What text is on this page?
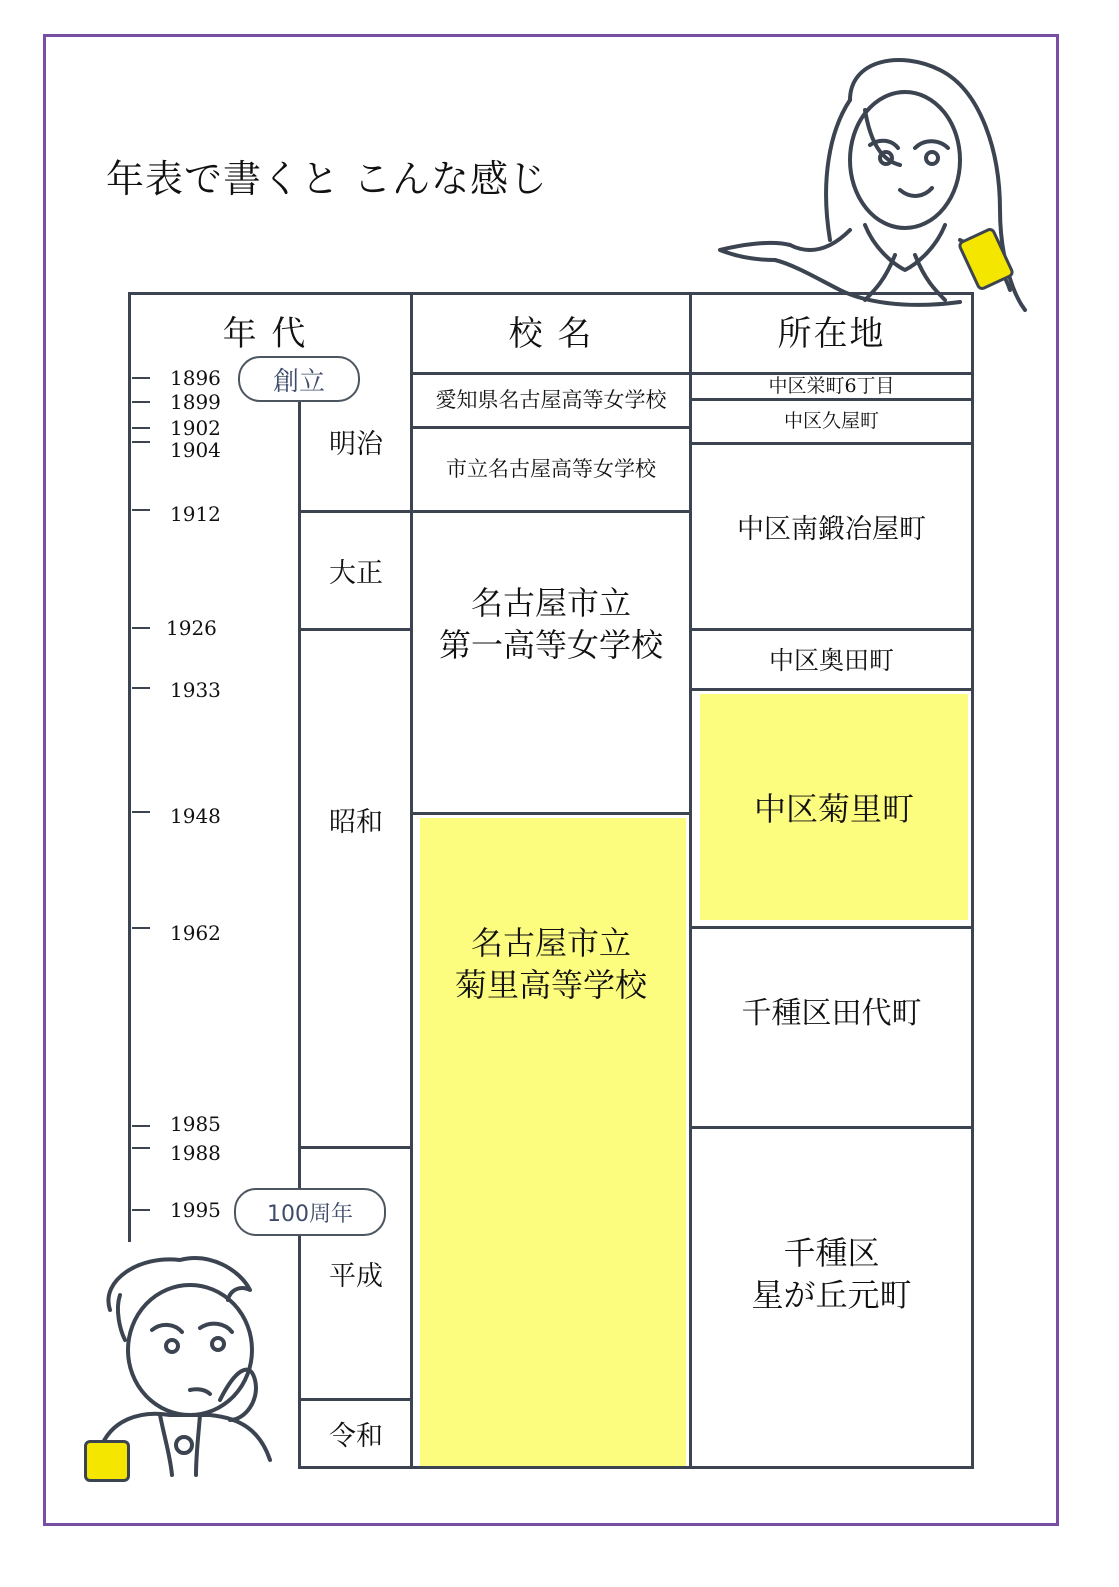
年表で書くと こんな感じ
年 代	校 名	所在地
1896
1899
1902
1904
1912
1926
1933
1948
1962
1985
1988
1995
明治
大正
昭和
平成
令和
愛知県名古屋高等女学校
市立名古屋高等女学校
名古屋市立
第一高等女学校
名古屋市立
菊里高等学校
中区栄町6丁目
中区久屋町
中区南鍛冶屋町
中区奥田町
中区菊里町
千種区田代町
千種区
星が丘元町
創立
100周年
